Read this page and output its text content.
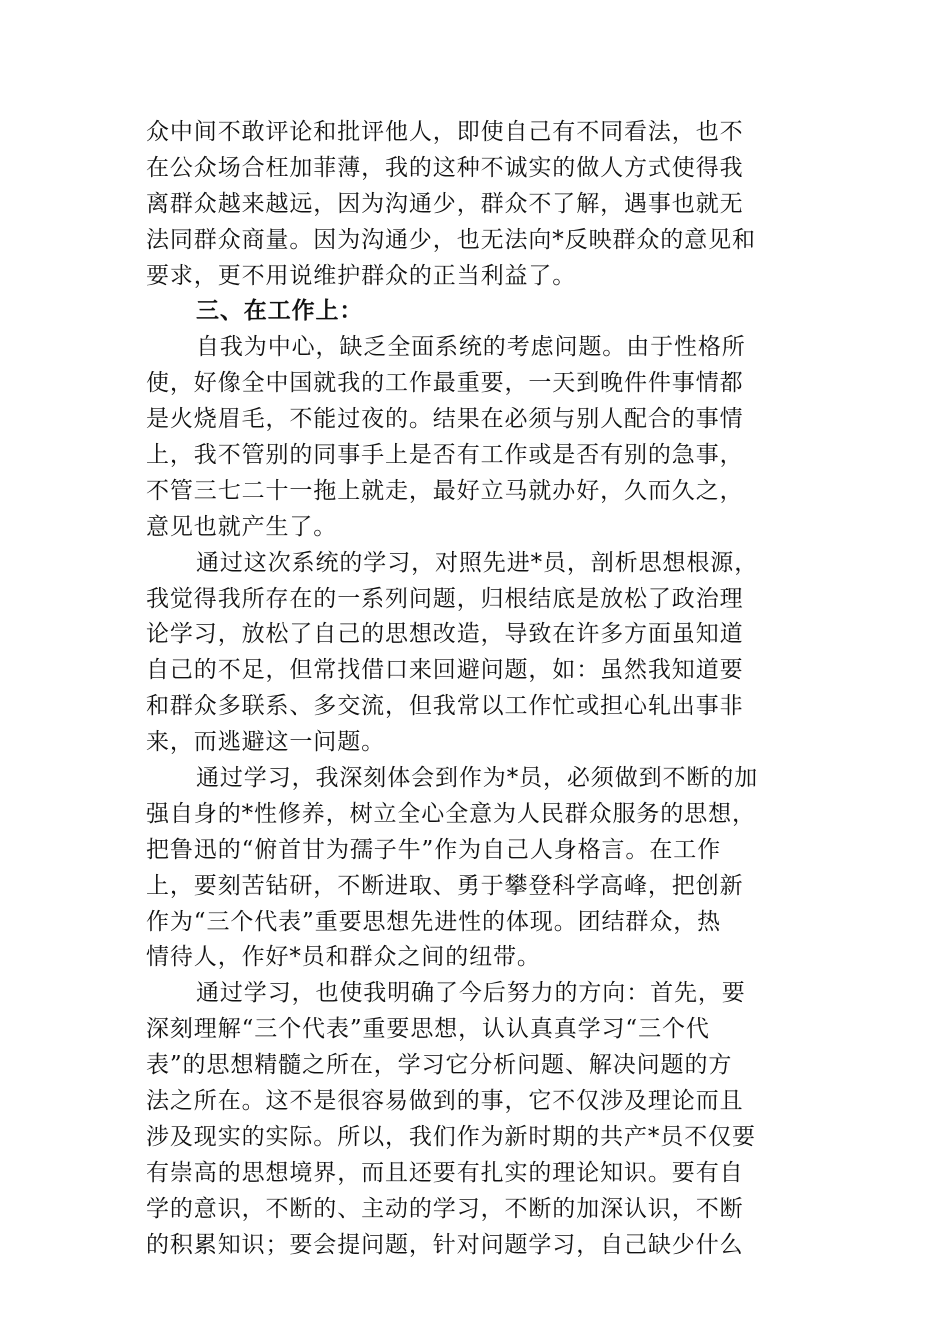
众中间不敢评论和批评他人，即使自己有不同看法，也不
在公众场合枉加菲薄，我的这种不诚实的做人方式使得我
离群众越来越远，因为沟通少，群众不了解，遇事也就无
法同群众商量。因为沟通少，也无法向*反映群众的意见和
要求，更不用说维护群众的正当利益了。
三、在工作上：
自我为中心，缺乏全面系统的考虑问题。由于性格所
使，好像全中国就我的工作最重要，一天到晚件件事情都
是火烧眉毛，不能过夜的。结果在必须与别人配合的事情
上，我不管别的同事手上是否有工作或是否有别的急事，
不管三七二十一拖上就走，最好立马就办好，久而久之，
意见也就产生了。
通过这次系统的学习，对照先进*员，剖析思想根源，
我觉得我所存在的一系列问题，归根结底是放松了政治理
论学习，放松了自己的思想改造，导致在许多方面虽知道
自己的不足，但常找借口来回避问题，如：虽然我知道要
和群众多联系、多交流，但我常以工作忙或担心轧出事非
来，而逃避这一问题。
通过学习，我深刻体会到作为*员，必须做到不断的加
强自身的*性修养，树立全心全意为人民群众服务的思想，
把鲁迅的“俯首甘为孺子牛”作为自己人身格言。在工作
上，要刻苦钻研，不断进取、勇于攀登科学高峰，把创新
作为“三个代表”重要思想先进性的体现。团结群众，热
情待人，作好*员和群众之间的纽带。
通过学习，也使我明确了今后努力的方向：首先，要
深刻理解“三个代表”重要思想，认认真真学习“三个代
表”的思想精髓之所在，学习它分析问题、解决问题的方
法之所在。这不是很容易做到的事，它不仅涉及理论而且
涉及现实的实际。所以，我们作为新时期的共产*员不仅要
有崇高的思想境界，而且还要有扎实的理论知识。要有自
学的意识，不断的、主动的学习，不断的加深认识，不断
的积累知识；要会提问题，针对问题学习，自己缺少什么
